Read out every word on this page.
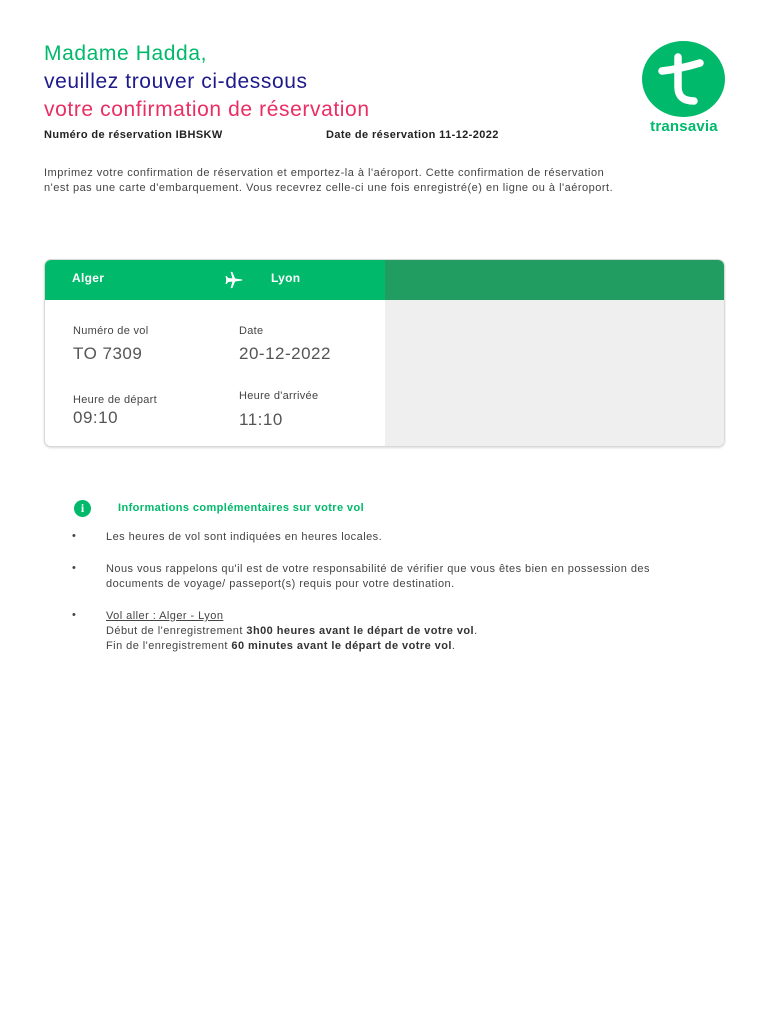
Madame Hadda,
veuillez trouver ci-dessous
votre confirmation de réservation
transavia
Numéro de réservation IBHSKW	Date de réservation 11-12-2022
Imprimez votre confirmation de réservation et emportez-la à l'aéroport. Cette confirmation de réservation n'est pas une carte d'embarquement. Vous recevrez celle-ci une fois enregistré(e) en ligne ou à l'aéroport.
Alger	Lyon
Numéro de vol
TO 7309
Date
20-12-2022
Heure de départ
09:10
Heure d'arrivée
11:10
i	Informations complémentaires sur votre vol
•	Les heures de vol sont indiquées en heures locales.
•	Nous vous rappelons qu'il est de votre responsabilité de vérifier que vous êtes bien en possession des documents de voyage/ passeport(s) requis pour votre destination.
•	Vol aller : Alger - Lyon
Début de l'enregistrement 3h00 heures avant le départ de votre vol.
Fin de l'enregistrement 60 minutes avant le départ de votre vol.
